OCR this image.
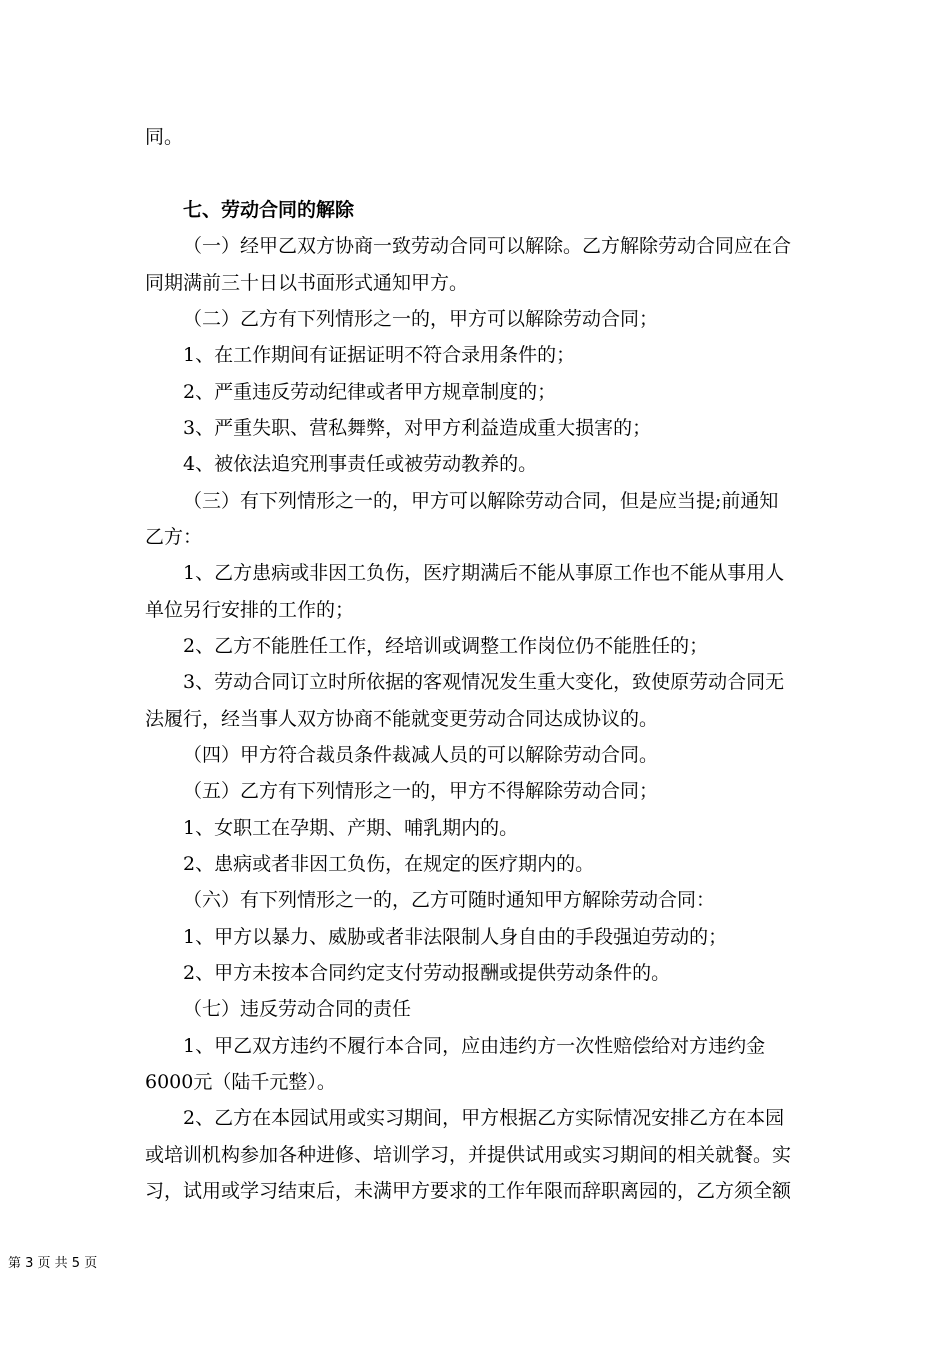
同。
七、劳动合同的解除
（一）经甲乙双方协商一致劳动合同可以解除。乙方解除劳动合同应在合
同期满前三十日以书面形式通知甲方。
（二）乙方有下列情形之一的，甲方可以解除劳动合同；
1、在工作期间有证据证明不符合录用条件的；
2、严重违反劳动纪律或者甲方规章制度的；
3、严重失职、营私舞弊，对甲方利益造成重大损害的；
4、被依法追究刑事责任或被劳动教养的。
（三）有下列情形之一的，甲方可以解除劳动合同，但是应当提;前通知
乙方：
1、乙方患病或非因工负伤，医疗期满后不能从事原工作也不能从事用人
单位另行安排的工作的；
2、乙方不能胜任工作，经培训或调整工作岗位仍不能胜任的；
3、劳动合同订立时所依据的客观情况发生重大变化，致使原劳动合同无
法履行，经当事人双方协商不能就变更劳动合同达成协议的。
（四）甲方符合裁员条件裁减人员的可以解除劳动合同。
（五）乙方有下列情形之一的，甲方不得解除劳动合同；
1、女职工在孕期、产期、哺乳期内的。
2、患病或者非因工负伤，在规定的医疗期内的。
（六）有下列情形之一的，乙方可随时通知甲方解除劳动合同：
1、甲方以暴力、威胁或者非法限制人身自由的手段强迫劳动的；
2、甲方未按本合同约定支付劳动报酬或提供劳动条件的。
（七）违反劳动合同的责任
1、甲乙双方违约不履行本合同，应由违约方一次性赔偿给对方违约金
6000元（陆千元整）。
2、乙方在本园试用或实习期间，甲方根据乙方实际情况安排乙方在本园
或培训机构参加各种进修、培训学习，并提供试用或实习期间的相关就餐。实
习，试用或学习结束后，未满甲方要求的工作年限而辞职离园的，乙方须全额
第 3 页 共 5 页
